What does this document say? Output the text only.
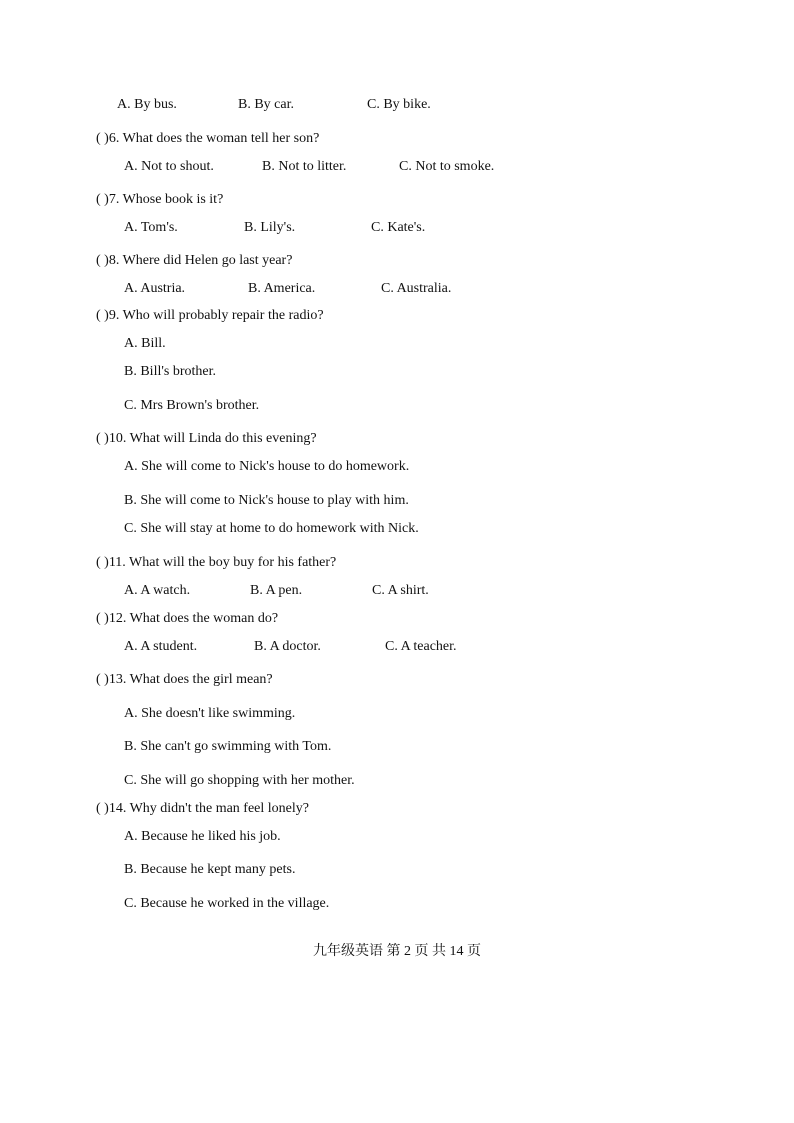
A. By bus.	B. By car.	C. By bike.
( )6. What does the woman tell her son?
A. Not to shout.	B. Not to litter.	C. Not to smoke.
( )7. Whose book is it?
A. Tom's.	B. Lily's.	C. Kate's.
( )8. Where did Helen go last year?
A. Austria.	B. America.	C. Australia.
( )9. Who will probably repair the radio?
A. Bill.
B. Bill's brother.
C. Mrs Brown's brother.
( )10. What will Linda do this evening?
A. She will come to Nick's house to do homework.
B. She will come to Nick's house to play with him.
C. She will stay at home to do homework with Nick.
( )11. What will the boy buy for his father?
A. A watch.	B. A pen.	C. A shirt.
( )12. What does the woman do?
A. A student.	B. A doctor.	C. A teacher.
( )13. What does the girl mean?
A. She doesn't like swimming.
B. She can't go swimming with Tom.
C. She will go shopping with her mother.
( )14. Why didn't the man feel lonely?
A. Because he liked his job.
B. Because he kept many pets.
C. Because he worked in the village.
九年级英语 第 2 页 共 14 页
